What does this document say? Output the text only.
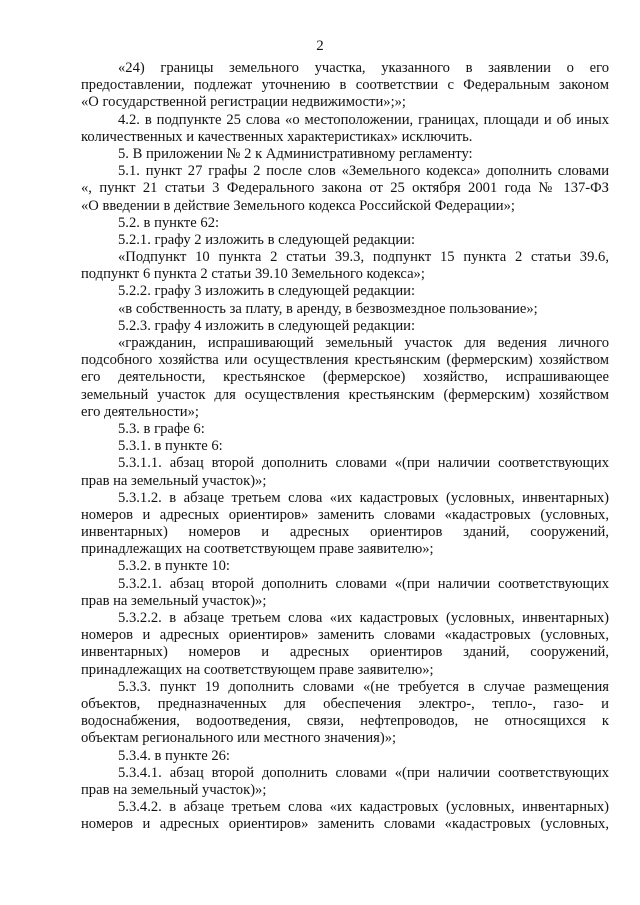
2
«24) границы земельного участка, указанного в заявлении о его
предоставлении, подлежат уточнению в соответствии с Федеральным законом
«О государственной регистрации недвижимости»;»;
4.2. в подпункте 25 слова «о местоположении, границах, площади и об иных
количественных и качественных характеристиках» исключить.
5. В приложении № 2 к Административному регламенту:
5.1. пункт 27 графы 2 после слов «Земельного кодекса» дополнить словами
«, пункт 21 статьи 3 Федерального закона от 25 октября 2001 года № 137-ФЗ
«О введении в действие Земельного кодекса Российской Федерации»;
5.2. в пункте 62:
5.2.1. графу 2 изложить в следующей редакции:
«Подпункт 10 пункта 2 статьи 39.3, подпункт 15 пункта 2 статьи 39.6,
подпункт 6 пункта 2 статьи 39.10 Земельного кодекса»;
5.2.2. графу 3 изложить в следующей редакции:
«в собственность за плату, в аренду, в безвозмездное пользование»;
5.2.3. графу 4 изложить в следующей редакции:
«гражданин, испрашивающий земельный участок для ведения личного
подсобного хозяйства или осуществления крестьянским (фермерским) хозяйством
его деятельности, крестьянское (фермерское) хозяйство, испрашивающее
земельный участок для осуществления крестьянским (фермерским) хозяйством
его деятельности»;
5.3. в графе 6:
5.3.1. в пункте 6:
5.3.1.1. абзац второй дополнить словами «(при наличии соответствующих
прав на земельный участок)»;
5.3.1.2. в абзаце третьем слова «их кадастровых (условных, инвентарных)
номеров и адресных ориентиров» заменить словами «кадастровых (условных,
инвентарных) номеров и адресных ориентиров зданий, сооружений,
принадлежащих на соответствующем праве заявителю»;
5.3.2. в пункте 10:
5.3.2.1. абзац второй дополнить словами «(при наличии соответствующих
прав на земельный участок)»;
5.3.2.2. в абзаце третьем слова «их кадастровых (условных, инвентарных)
номеров и адресных ориентиров» заменить словами «кадастровых (условных,
инвентарных) номеров и адресных ориентиров зданий, сооружений,
принадлежащих на соответствующем праве заявителю»;
5.3.3. пункт 19 дополнить словами «(не требуется в случае размещения
объектов, предназначенных для обеспечения электро-, тепло-, газо- и
водоснабжения, водоотведения, связи, нефтепроводов, не относящихся к
объектам регионального или местного значения)»;
5.3.4. в пункте 26:
5.3.4.1. абзац второй дополнить словами «(при наличии соответствующих
прав на земельный участок)»;
5.3.4.2. в абзаце третьем слова «их кадастровых (условных, инвентарных)
номеров и адресных ориентиров» заменить словами «кадастровых (условных,
